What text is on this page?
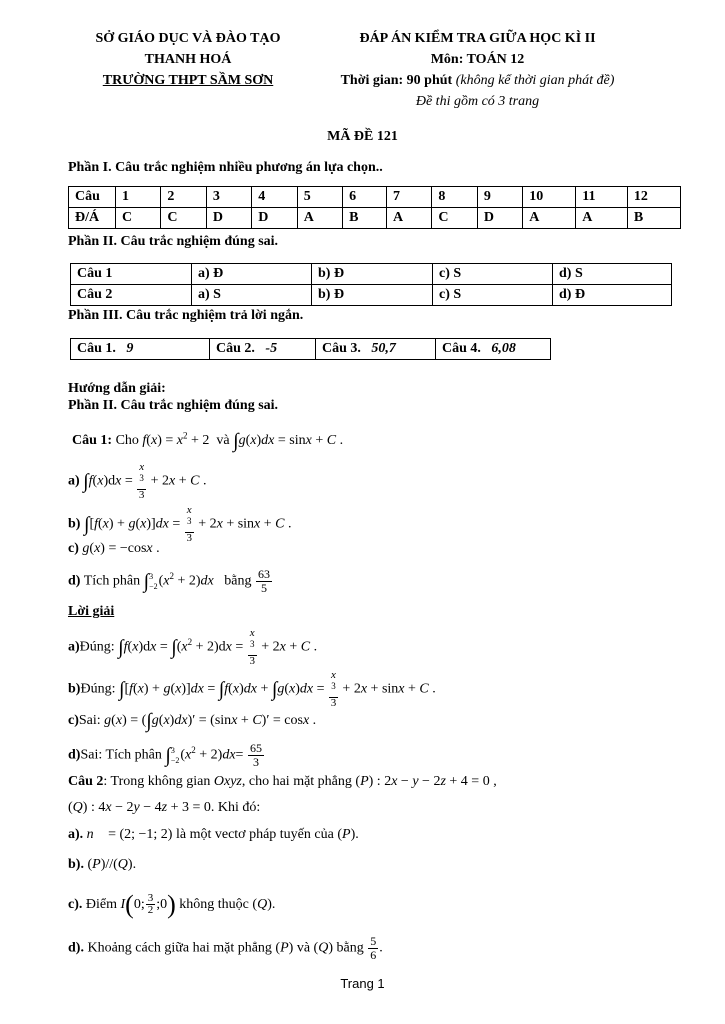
SỞ GIÁO DỤC VÀ ĐÀO TẠO
THANH HOÁ
TRƯỜNG THPT SẦM SƠN
ĐÁP ÁN KIỂM TRA GIỮA HỌC KÌ II
Môn: TOÁN 12
Thời gian: 90 phút (không kể thời gian phát đề)
Đề thi gồm có 3 trang
MÃ ĐỀ 121
Phần I. Câu trắc nghiệm nhiều phương án lựa chọn..
Câu	1	2	3	4	5	6	7	8	9	10	11	12
Đ/Á	C	C	D	D	A	B	A	C	D	A	A	B
Phần II. Câu trắc nghiệm đúng sai.
Câu 1	a) Đ	b) Đ	c) S	d) S
Câu 2	a) S	b) Đ	c) S	d) Đ
Phần III. Câu trắc nghiệm trả lời ngắn.
Câu 1. 9	Câu 2. -5	Câu 3. 50,7	Câu 4. 6,08
Hướng dẫn giải:
Phần II. Câu trắc nghiệm đúng sai.
Câu 1: Cho $f(x) = x^2 + 2$  và ∫g(x)dx = sinx + C .
a) ∫f(x)dx = x
$^3$
3 + 2x + C .
b) ∫[f(x) + g(x)]dx = x
$^3$
3 + 2x + sinx + C .
c) g(x) = −cosx .
d) Tích phân ∫ 3
−2 $(x^2 + 2)dx$ bằng $\frac{63}{5}$
Lời giải
a)Đúng: $\int f(x)dx = \int(x^2 + 2)dx = x$
$^3$
3 + 2x + C .
b)Đúng: ∫[f(x) + g(x)]dx = ∫f(x)dx + ∫g(x)dx = x
$^3$
3 + 2x + sinx + C .
c)Sai: g(x) = (∫g(x)dx)′ = (sinx + C)′ = cosx .
d)Sai: Tích phân ∫ 3
−2 $(x^2 + 2)dx= \frac{65}{3}$
Câu 2: Trong không gian Oxyz, cho hai mặt phẳng (P) : 2x − y − 2z + 4 = 0 ,
(Q) : 4x − 2y − 4z + 3 = 0. Khi đó:
a). n⃗ = (2; −1; 2) là một vectơ pháp tuyến của (P).
b). (P)//(Q).
c). Điểm I(0; $\frac{3}{2}$ ;0) không thuộc (Q).
d). Khoảng cách giữa hai mặt phẳng (P) và (Q) bằng $\frac{5}{6}$ .
Trang 1
